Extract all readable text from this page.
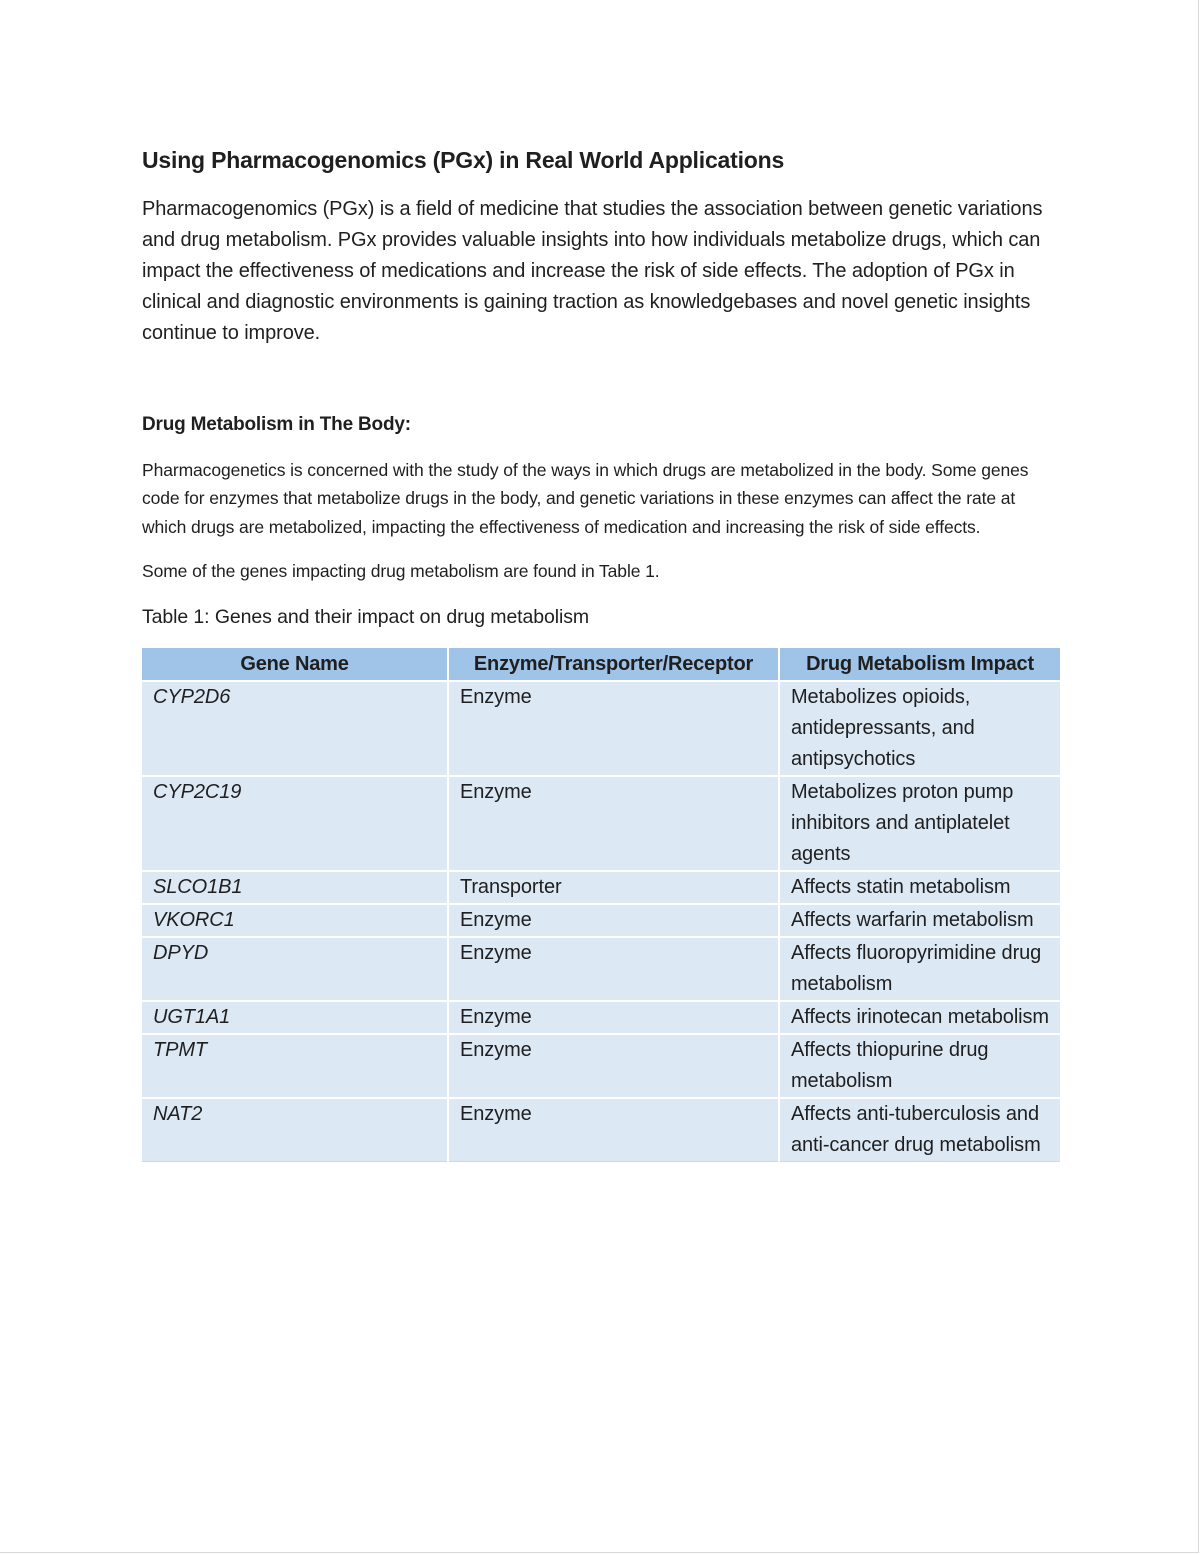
Using Pharmacogenomics (PGx) in Real World Applications

Pharmacogenomics (PGx) is a field of medicine that studies the association between genetic variations and drug metabolism. PGx provides valuable insights into how individuals metabolize drugs, which can impact the effectiveness of medications and increase the risk of side effects. The adoption of PGx in clinical and diagnostic environments is gaining traction as knowledgebases and novel genetic insights continue to improve.

Drug Metabolism in The Body:

Pharmacogenetics is concerned with the study of the ways in which drugs are metabolized in the body. Some genes code for enzymes that metabolize drugs in the body, and genetic variations in these enzymes can affect the rate at which drugs are metabolized, impacting the effectiveness of medication and increasing the risk of side effects.

Some of the genes impacting drug metabolism are found in Table 1.

Table 1: Genes and their impact on drug metabolism
Gene Name	Enzyme/Transporter/Receptor	Drug Metabolism Impact
CYP2D6	Enzyme	Metabolizes opioids, antidepressants, and antipsychotics
CYP2C19	Enzyme	Metabolizes proton pump inhibitors and antiplatelet agents
SLCO1B1	Transporter	Affects statin metabolism
VKORC1	Enzyme	Affects warfarin metabolism
DPYD	Enzyme	Affects fluoropyrimidine drug metabolism
UGT1A1	Enzyme	Affects irinotecan metabolism
TPMT	Enzyme	Affects thiopurine drug metabolism
NAT2	Enzyme	Affects anti-tuberculosis and anti-cancer drug metabolism
